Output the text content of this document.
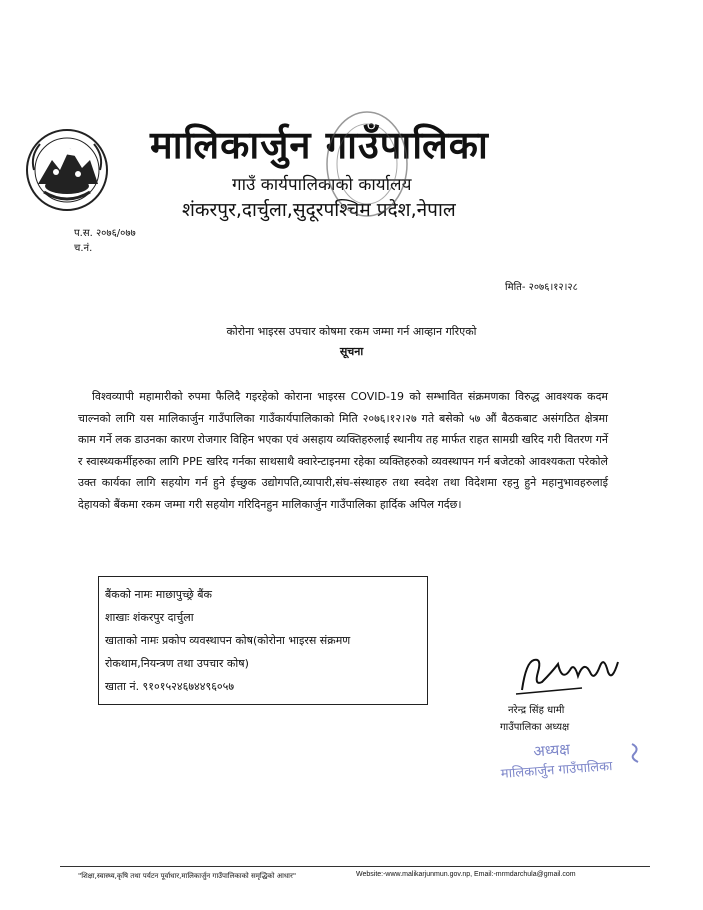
मालिकार्जुन गाउँपालिका
गाउँ कार्यपालिकाको कार्यालय
शंकरपुर,दार्चुला,सुदूरपश्चिम प्रदेश,नेपाल
प.स. २०७६/०७७
च.नं.
मिति- २०७६।१२।२८
कोरोना भाइरस उपचार कोषमा रकम जम्मा गर्न आव्हान गरिएको
सूचना
विश्वव्यापी महामारीको रुपमा फैलिदै गइरहेको कोराना भाइरस COVID-19 को सम्भावित संक्रमणका विरुद्ध आवश्यक कदम चाल्नको लागि यस मालिकार्जुन गाउँपालिका गाउँकार्यपालिकाको मिति २०७६।१२।२७ गते बसेको ५७ औं बैठकबाट असंगठित क्षेत्रमा काम गर्ने लक डाउनका कारण रोजगार विहिन भएका एवं असहाय व्यक्तिहरुलाई स्थानीय तह मार्फत राहत सामग्री खरिद गरी वितरण गर्ने र स्वास्थ्यकर्मीहरुका लागि PPE खरिद गर्नका साथसाथै क्वारेन्टाइनमा रहेका व्यक्तिहरुको व्यवस्थापन गर्न बजेटको आवश्यकता परेकोले उक्त कार्यका लागि सहयोग गर्न हुने ईच्छुक उद्योगपति,व्यापारी,संघ-संस्थाहरु तथा स्वदेश तथा विदेशमा रहनु हुने महानुभावहरुलाई देहायको बैंकमा रकम जम्मा गरी सहयोग गरिदिनहुन मालिकार्जुन गाउँपालिका हार्दिक अपिल गर्दछ।
बैंकको नामः माछापुच्छ्रे बैंक
शाखाः शंकरपुर दार्चुला
खाताको नामः प्रकोप व्यवस्थापन कोष(कोरोना भाइरस संक्रमण
रोकथाम,नियन्त्रण तथा उपचार कोष)
खाता नं. ९१०१५२४६७४४९६०५७
नरेन्द्र सिंह धामी
गाउँपालिका अध्यक्ष
अध्यक्ष
मालिकार्जुन गाउँपालिका
"शिक्षा,स्वास्थ्य,कृषि तथा पर्यटन पूर्वाधार,मालिकार्जुन गाउँपालिकाको समृद्धिको आधार"	Website:-www.malikarjunmun.gov.np, Email:-mrmdarchula@gmail.com
